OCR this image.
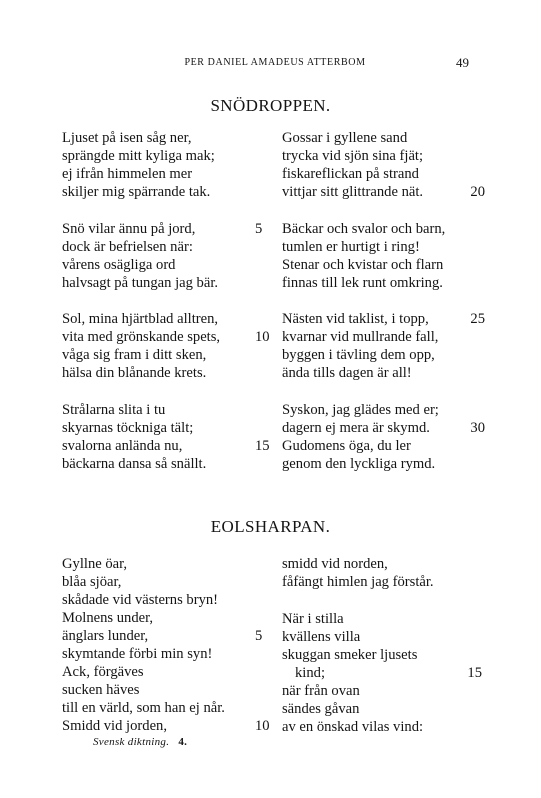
PER DANIEL AMADEUS ATTERBOM	49
SNÖDROPPEN.
Ljuset på isen såg ner,
sprängde mitt kyliga mak;
ej ifrån himmelen mer
skiljer mig spärrande tak.
Snö vilar ännu på jord,	5
dock är befrielsen när:
vårens osägliga ord
halvsagt på tungan jag bär.
Sol, mina hjärtblad alltren,
vita med grönskande spets, 10
våga sig fram i ditt sken,
hälsa din blånande krets.
Strålarna slita i tu
skyarnas töckniga tält;
svalorna anlända nu,	15
bäckarna dansa så snällt.
Gossar i gyllene sand
trycka vid sjön sina fjät;
fiskareflickan på strand
vittjar sitt glittrande nät.	20
Bäckar och svalor och barn,
tumlen er hurtigt i ring!
Stenar och kvistar och flarn
finnas till lek runt omkring.
Nästen vid taklist, i topp,	25
kvarnar vid mullrande fall,
byggen i tävling dem opp,
ända tills dagen är all!
Syskon, jag glädes med er;
dagern ej mera är skymd.	30
Gudomens öga, du ler
genom den lyckliga rymd.
EOLSHARPAN.
Gyllne öar,
blåa sjöar,
skådade vid västerns bryn!
Molnens under,
änglars lunder,	5
skymtande förbi min syn!
Ack, förgäves
sucken häves
till en värld, som han ej når.
Smidd vid jorden,	10
smidd vid norden,
fåfängt himlen jag förstår.
När i stilla
kvällens villa
skuggan smeker ljusets
kind;	15
när från ovan
sändes gåvan
av en önskad vilas vind:
Svensk diktning. 4.
